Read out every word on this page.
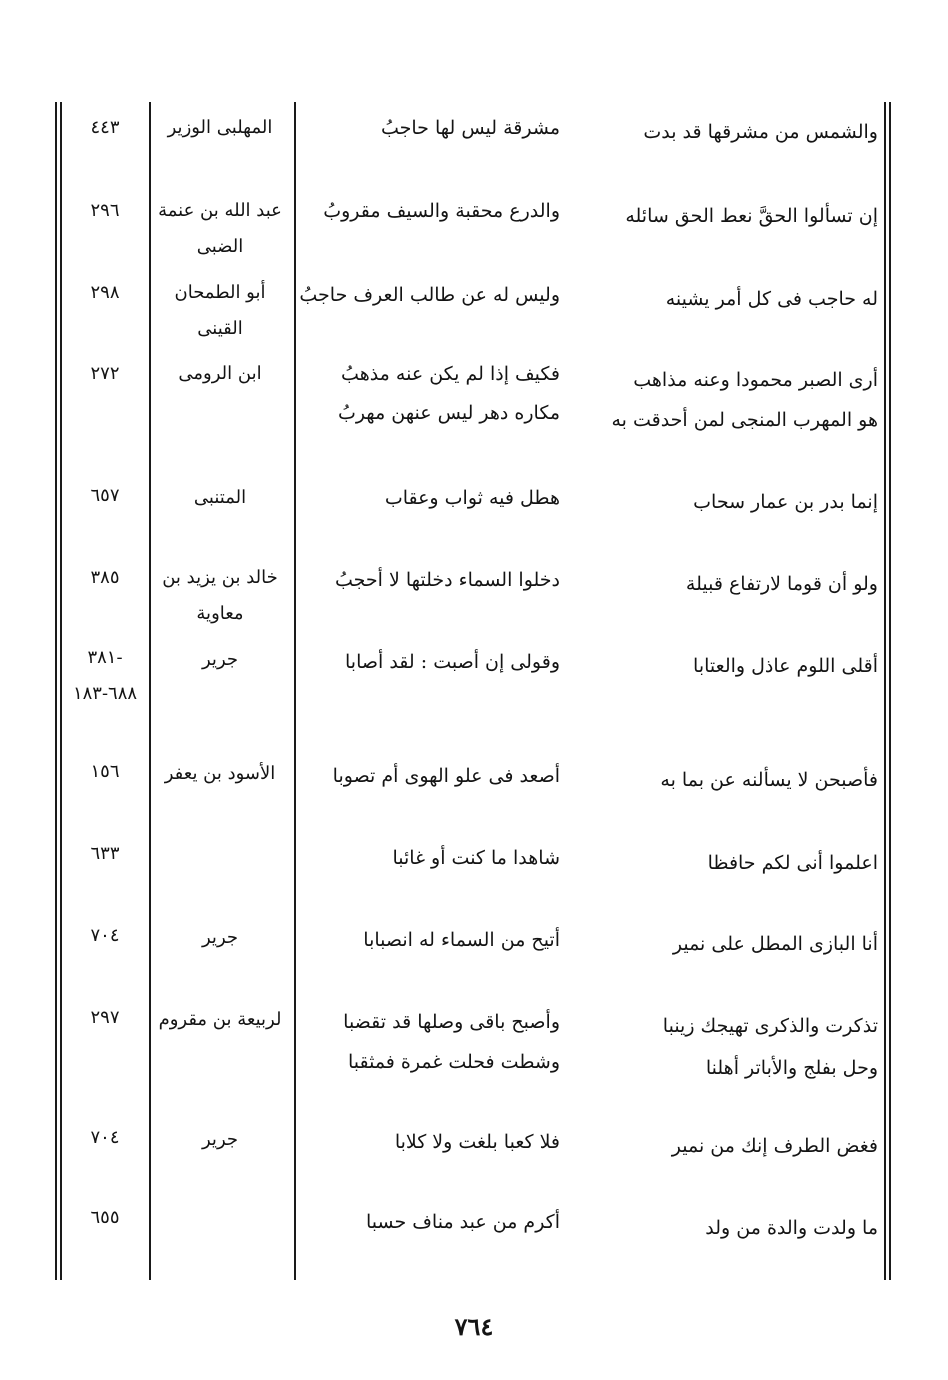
والشمس من مشرقها قد بدت
مشرقة ليس لها حاجبُ
المهلبى الوزير
٤٤٣
إن تسألوا الحقَّ نعط الحق سائله
والدرع محقبة والسيف مقروبُ
عبد الله بن عنمة الضبى
٢٩٦
له حاجب فى كل أمر يشينه
وليس له عن طالب العرف حاجبُ
أبو الطمحان القينى
٢٩٨
أرى الصبر محمودا وعنه مذاهب
هو المهرب المنجى لمن أحدقت به
فكيف إذا لم يكن عنه مذهبُ
مكاره دهر ليس عنهن مهربُ
ابن الرومى
٢٧٢
إنما بدر بن عمار سحاب
هطل فيه ثواب وعقاب
المتنبى
٦٥٧
ولو أن قوما لارتفاع قبيلة
دخلوا السماء دخلتها لا أحجبُ
خالد بن يزيد بن معاوية
٣٨٥
أقلى اللوم عاذل والعتابا
وقولى إن أصبت : لقد أصابا
جرير
-٣٨١ ٦٨٨-١٨٣
فأصبحن لا يسألنه عن بما به
أصعد فى علو الهوى أم تصوبا
الأسود بن يعفر
١٥٦
اعلموا أنى لكم حافظا
شاهدا ما كنت أو غائبا
٦٣٣
أنا البازى المطل على نمير
أتيح من السماء له انصبابا
جرير
٧٠٤
تذكرت والذكرى تهيجك زينبا
وحل بفلج والأباتر أهلنا
وأصبح باقى وصلها قد تقضبا
وشطت فحلت غمرة فمثقبا
لربيعة بن مقروم
٢٩٧
فغض الطرف إنك من نمير
فلا كعبا بلغت ولا كلابا
جرير
٧٠٤
ما ولدت والدة من ولد
أكرم من عبد مناف حسبا
٦٥٥
٧٦٤
